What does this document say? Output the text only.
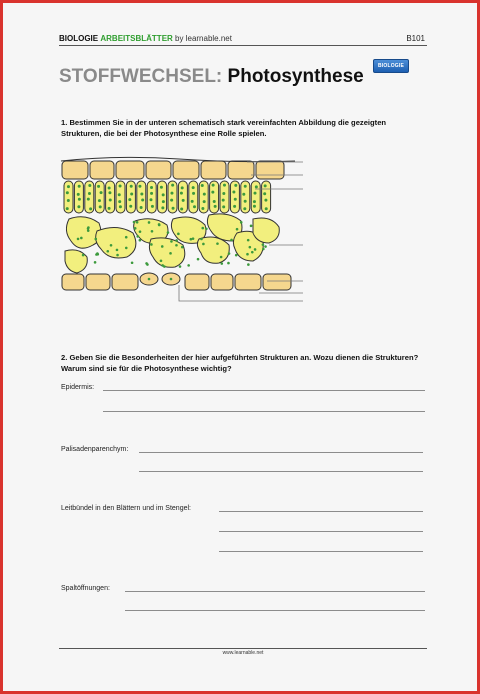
BIOLOGIE ARBEITSBLÄTTER by learnable.net	B101
STOFFWECHSEL: Photosynthese	BIOLOGIE
1. Bestimmen Sie in der unteren schematisch stark vereinfachten Abbildung die gezeigten Strukturen, die bei der Photosynthese eine Rolle spielen.
2. Geben Sie die Besonderheiten der hier aufgeführten Strukturen an. Wozu dienen die Strukturen? Warum sind sie für die Photosynthese wichtig?
Epidermis:
Palisadenparenchym:
Leitbündel in den Blättern und im Stengel:
Spaltöffnungen:
www.learnable.net
